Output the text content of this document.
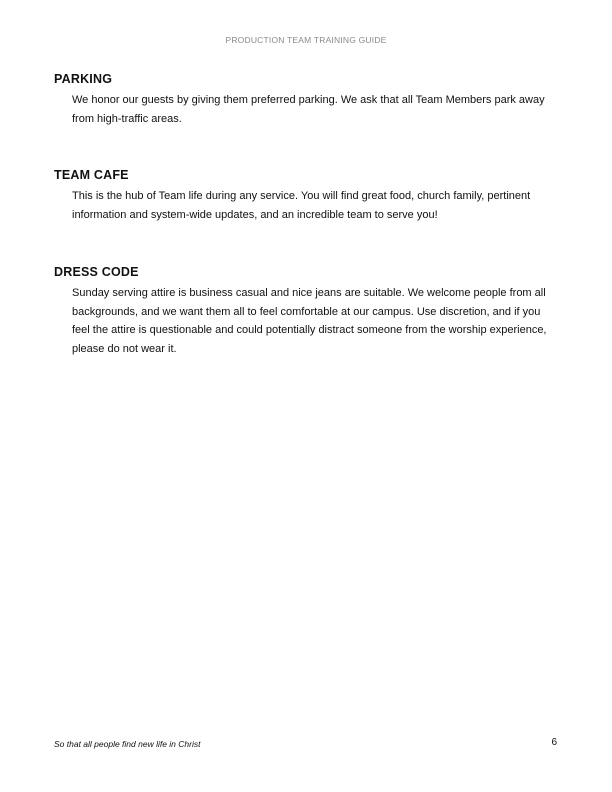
PRODUCTION TEAM TRAINING GUIDE
PARKING

We honor our guests by giving them preferred parking. We ask that all Team Members park away from high-traffic areas.

TEAM CAFE

This is the hub of Team life during any service. You will find great food, church family, pertinent information and system-wide updates, and an incredible team to serve you!

DRESS CODE

Sunday serving attire is business casual and nice jeans are suitable. We welcome people from all backgrounds, and we want them all to feel comfortable at our campus. Use discretion, and if you feel the attire is questionable and could potentially distract someone from the worship experience, please do not wear it.

So that all people find new life in Christ	6
